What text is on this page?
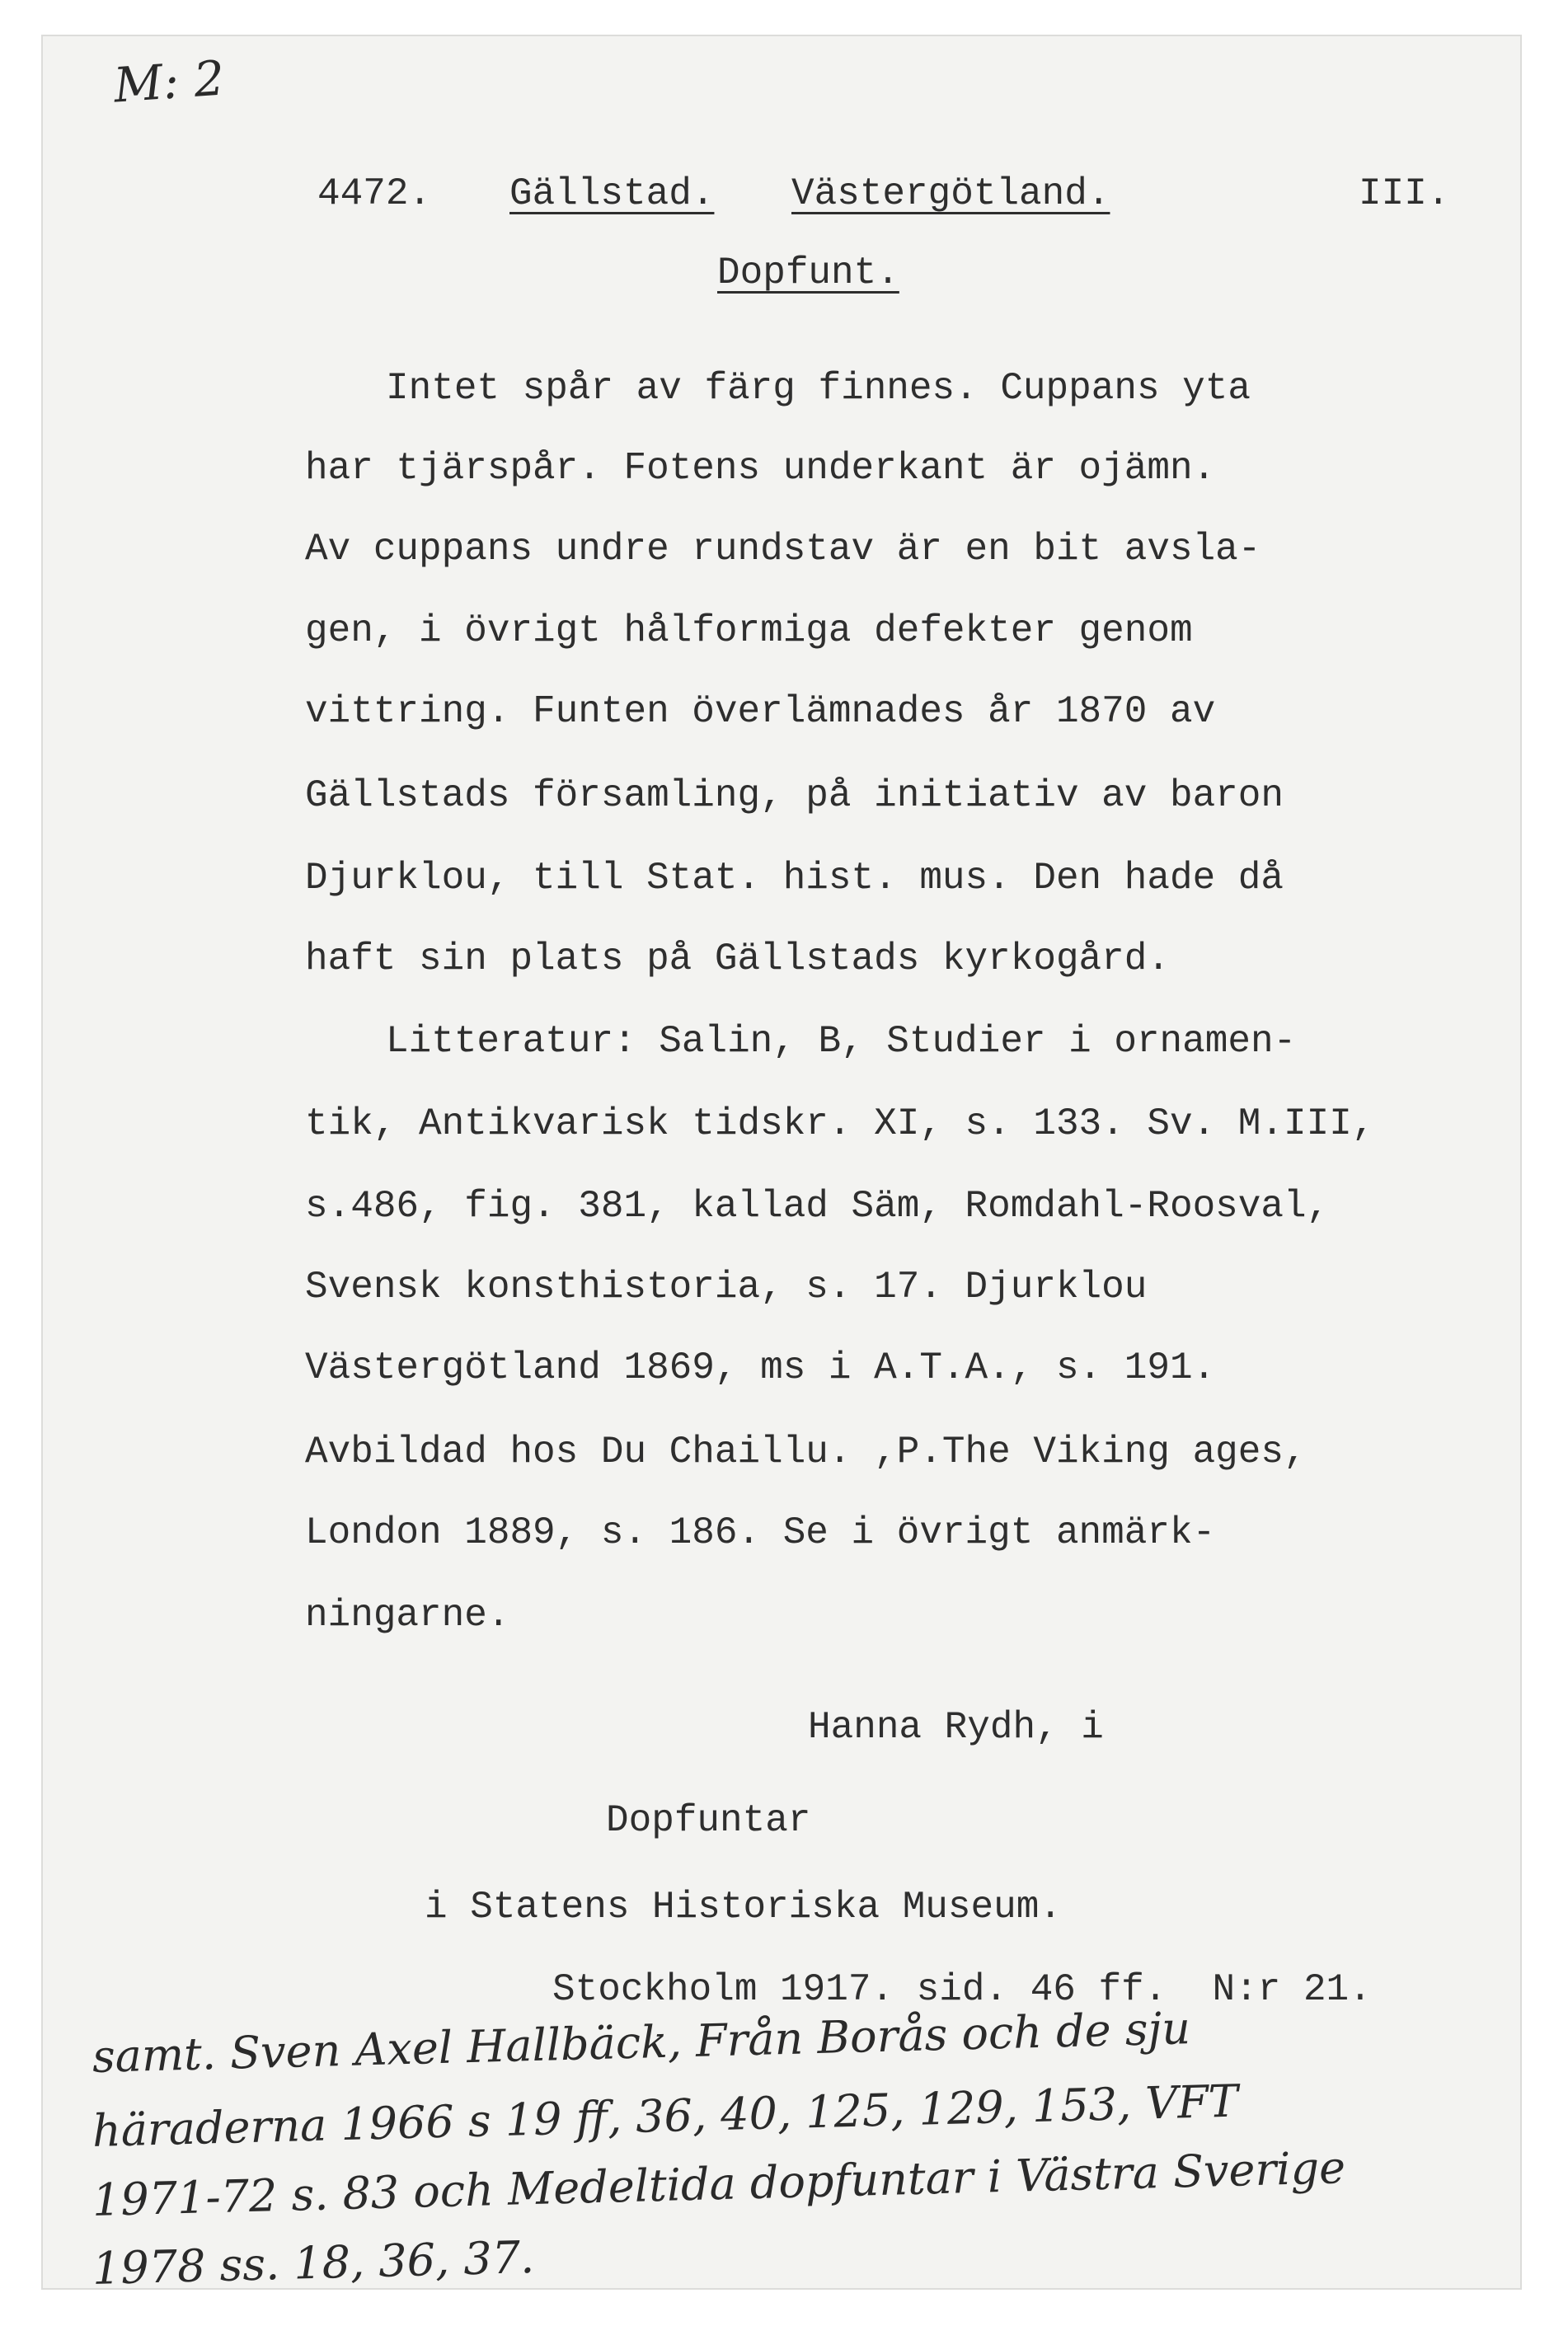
M: 2
4472. Gällstad. Västergötland.	III.
Dopfunt.
Intet spår av färg finnes. Cuppans yta
har tjärspår. Fotens underkant är ojämn.
Av cuppans undre rundstav är en bit avsla-
gen, i övrigt hålformiga defekter genom
vittring. Funten överlämnades år 1870 av
Gällstads församling, på initiativ av baron
Djurklou, till Stat. hist. mus. Den hade då
haft sin plats på Gällstads kyrkogård.
Litteratur: Salin, B, Studier i ornamen-
tik, Antikvarisk tidskr. XI, s. 133. Sv. M.III,
s.486, fig. 381, kallad Säm, Romdahl-Roosval,
Svensk konsthistoria, s. 17. Djurklou
Västergötland 1869, ms i A.T.A., s. 191.
Avbildad hos Du Chaillu. ,P.The Viking ages,
London 1889, s. 186. Se i övrigt anmärk-
ningarne.
Hanna Rydh, i
Dopfuntar
i Statens Historiska Museum.
Stockholm 1917. sid. 46 ff.  N:r 21.
samt. Sven Axel Hallbäck, Från Borås och de sju
häraderna 1966 s 19 ff, 36, 40, 125, 129, 153, VFT
1971-72 s. 83 och Medeltida dopfuntar i Västra Sverige
1978 ss. 18, 36, 37.
